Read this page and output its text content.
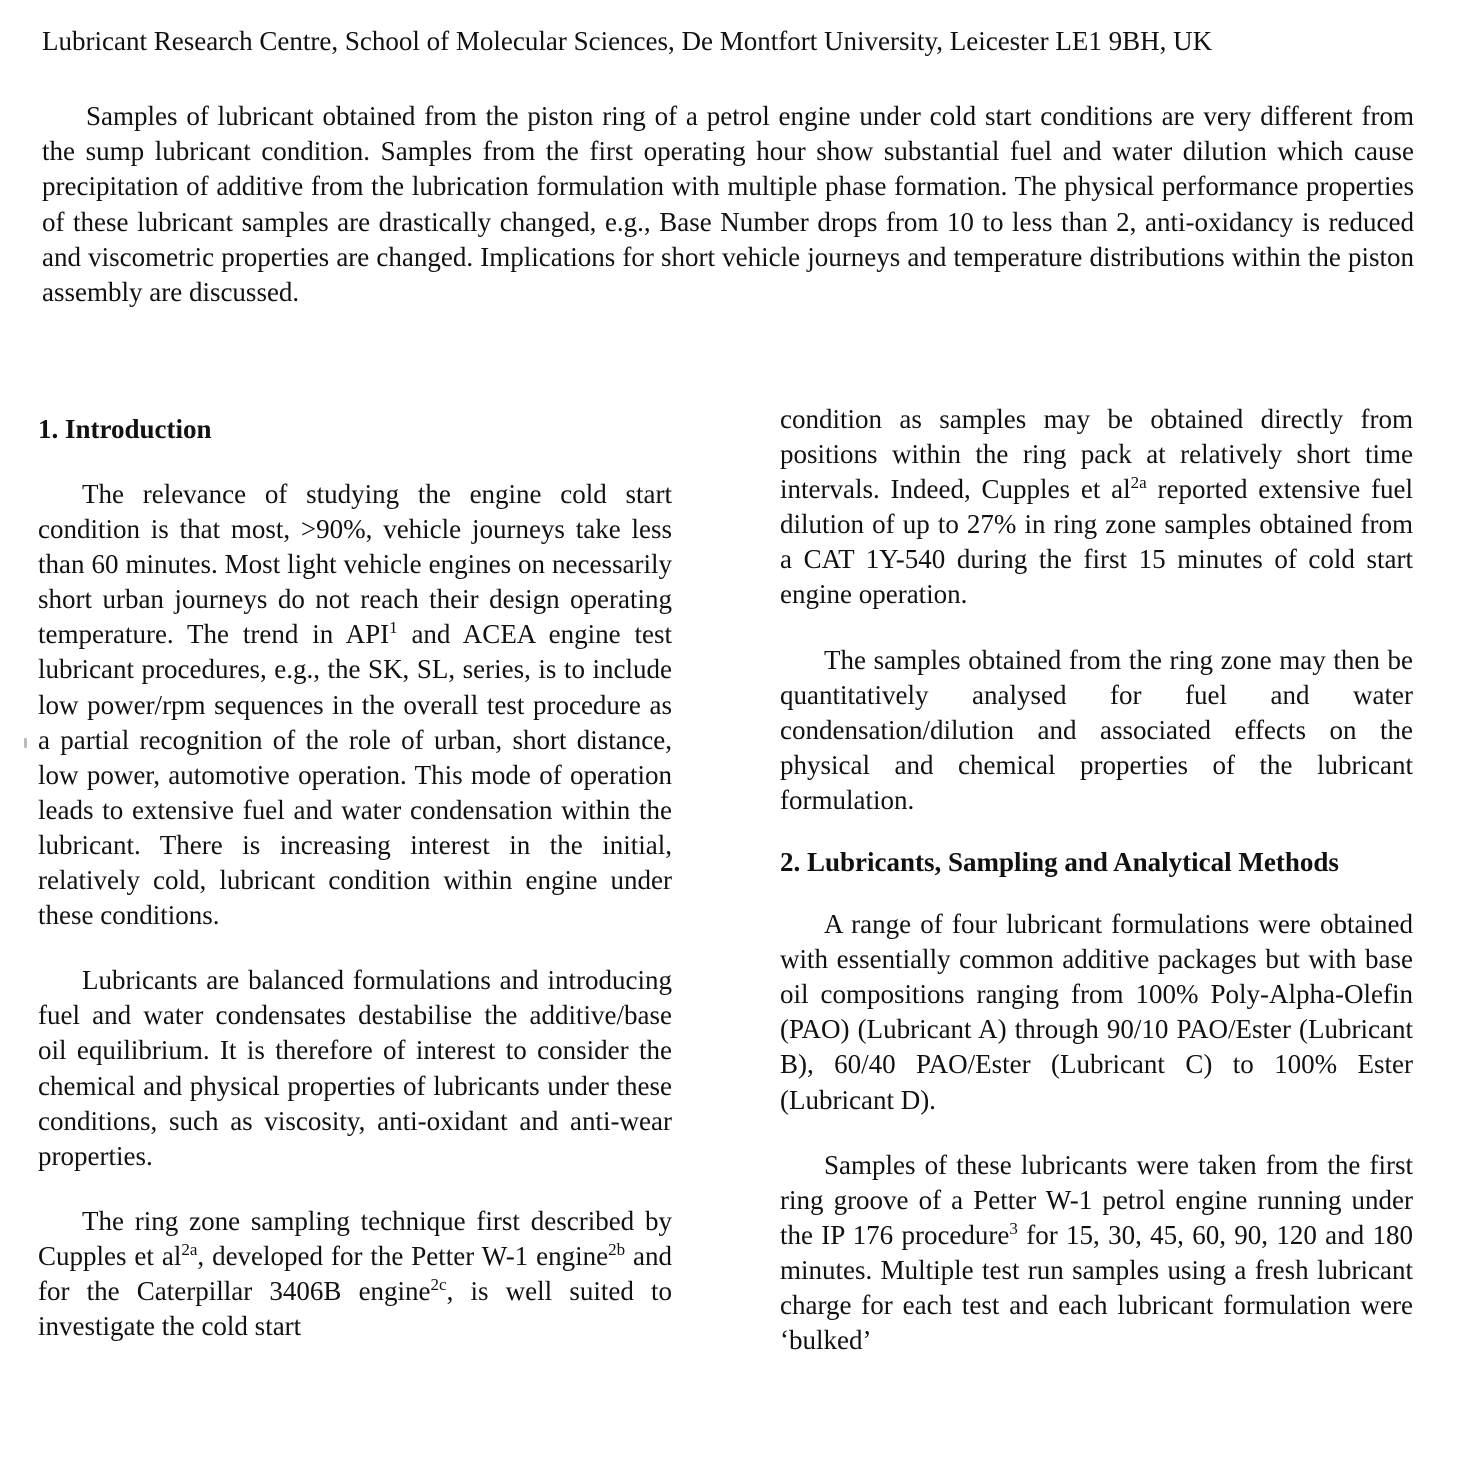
Lubricant Research Centre, School of Molecular Sciences, De Montfort University, Leicester LE1 9BH, UK

Samples of lubricant obtained from the piston ring of a petrol engine under cold start conditions are very different from the sump lubricant condition. Samples from the first operating hour show substantial fuel and water dilution which cause precipitation of additive from the lubrication formulation with multiple phase formation. The physical performance properties of these lubricant samples are drastically changed, e.g., Base Number drops from 10 to less than 2, anti-oxidancy is reduced and viscometric properties are changed. Implications for short vehicle journeys and temperature distributions within the piston assembly are discussed.

1. Introduction

The relevance of studying the engine cold start condition is that most, >90%, vehicle journeys take less than 60 minutes. Most light vehicle engines on necessarily short urban journeys do not reach their design operating temperature. The trend in API$^1$ and ACEA engine test lubricant procedures, e.g., the SK, SL, series, is to include low power/rpm sequences in the overall test procedure as a partial recognition of the role of urban, short distance, low power, automotive operation. This mode of operation leads to extensive fuel and water condensation within the lubricant. There is increasing interest in the initial, relatively cold, lubricant condition within engine under these conditions.

Lubricants are balanced formulations and introducing fuel and water condensates destabilise the additive/base oil equilibrium. It is therefore of interest to consider the chemical and physical properties of lubricants under these conditions, such as viscosity, anti-oxidant and anti-wear properties.

The ring zone sampling technique first described by Cupples et $al^{2a}$, developed for the Petter W-1 engine$^{2b}$ and for the Caterpillar 3406B engine$^{2c}$, is well suited to investigate the cold start

condition as samples may be obtained directly from positions within the ring pack at relatively short time intervals. Indeed, Cupples et $al^{2a}$ reported extensive fuel dilution of up to 27% in ring zone samples obtained from a CAT 1Y-540 during the first 15 minutes of cold start engine operation.

The samples obtained from the ring zone may then be quantitatively analysed for fuel and water condensation/dilution and associated effects on the physical and chemical properties of the lubricant formulation.

2. Lubricants, Sampling and Analytical Methods

A range of four lubricant formulations were obtained with essentially common additive packages but with base oil compositions ranging from 100% Poly-Alpha-Olefin (PAO) (Lubricant A) through 90/10 PAO/Ester (Lubricant B), 60/40 PAO/Ester (Lubricant C) to 100% Ester (Lubricant D).

Samples of these lubricants were taken from the first ring groove of a Petter W-1 petrol engine running under the IP 176 procedure$^3$ for 15, 30, 45, 60, 90, 120 and 180 minutes. Multiple test run samples using a fresh lubricant charge for each test and each lubricant formulation were ‘bulked’
